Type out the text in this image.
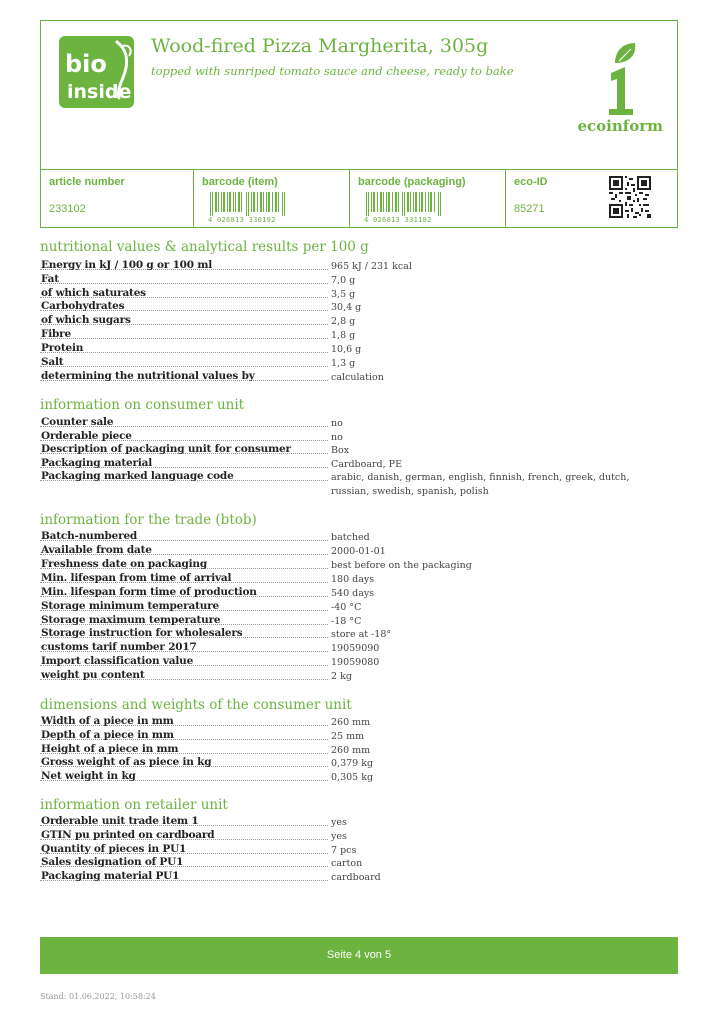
bio
inside
Wood-fired Pizza Margherita, 305g
topped with sunriped tomato sauce and cheese, ready to bake
ecoinform
article number
233102
barcode (item)
4 026813 330192
barcode (packaging)
4 026813 331182
eco-ID
85271
nutritional values & analytical results per 100 g
Energy in kJ / 100 g or 100 ml	965 kJ / 231 kcal
Fat	7,0 g
of which saturates	3,5 g
Carbohydrates	30,4 g
of which sugars	2,8 g
Fibre	1,8 g
Protein	10,6 g
Salt	1,3 g
determining the nutritional values by	calculation
information on consumer unit
Counter sale	no
Orderable piece	no
Description of packaging unit for consumer	Box
Packaging material	Cardboard, PE
Packaging marked language code	arabic, danish, german, english, finnish, french, greek, dutch, russian, swedish, spanish, polish
information for the trade (btob)
Batch-numbered	batched
Available from date	2000-01-01
Freshness date on packaging	best before on the packaging
Min. lifespan from time of arrival	180 days
Min. lifespan form time of production	540 days
Storage minimum temperature	-40 °C
Storage maximum temperature	-18 °C
Storage instruction for wholesalers	store at -18°
customs tarif number 2017	19059090
Import classification value	19059080
weight pu content	2 kg
dimensions and weights of the consumer unit
Width of a piece in mm	260 mm
Depth of a piece in mm	25 mm
Height of a piece in mm	260 mm
Gross weight of as piece in kg	0,379 kg
Net weight in kg	0,305 kg
information on retailer unit
Orderable unit trade item 1	yes
GTIN pu printed on cardboard	yes
Quantity of pieces in PU1	7 pcs
Sales designation of PU1	carton
Packaging material PU1	cardboard
Seite 4 von 5
Stand: 01.06.2022, 10:58:24
